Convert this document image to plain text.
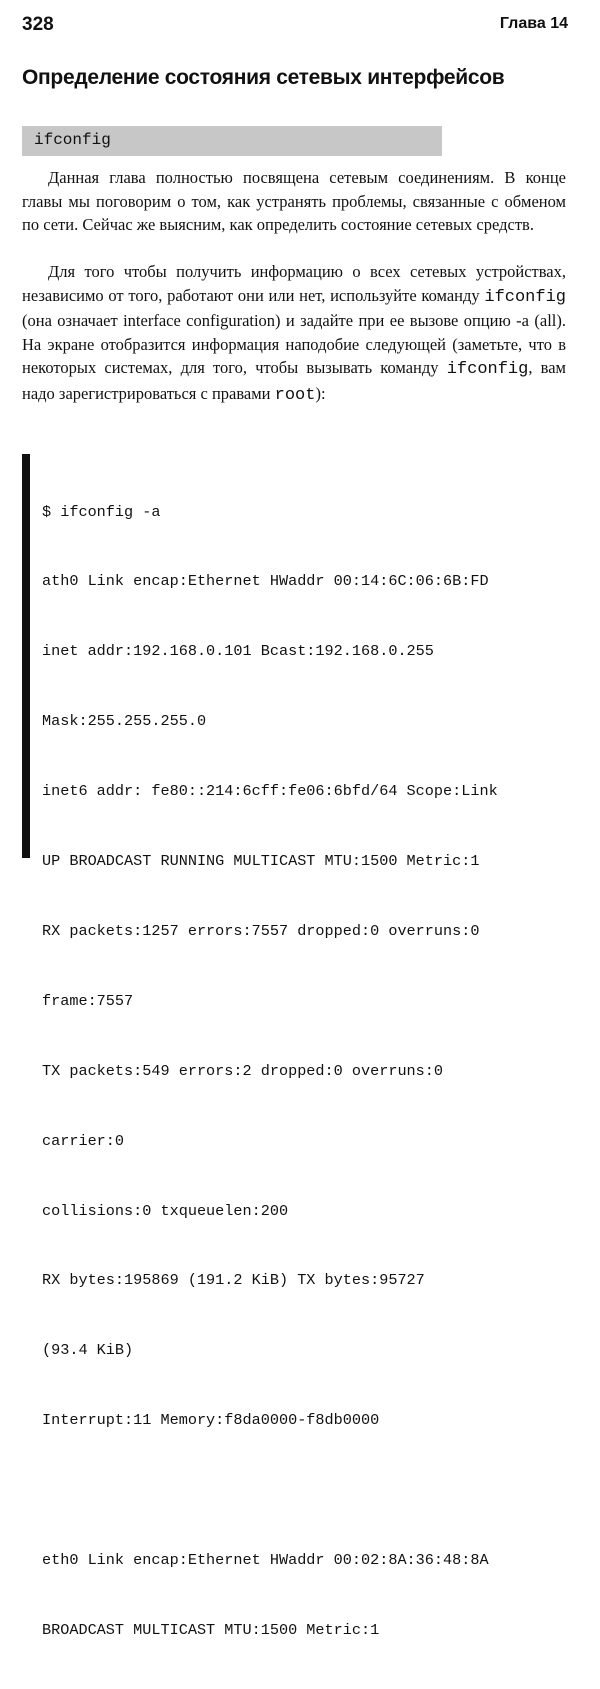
328	Глава 14
Определение состояния сетевых интерфейсов
ifconfig

Данная глава полностью посвящена сетевым соединениям. В конце главы мы поговорим о том, как устранять проблемы, связанные с обменом по сети. Сейчас же выясним, как определить состояние сетевых средств.

Для того чтобы получить информацию о всех сетевых устройствах, независимо от того, работают они или нет, используйте команду ifconfig (она означает interface configuration) и задайте при ее вызове опцию -a (all). На экране отобразится информация наподобие следующей (заметьте, что в некоторых системах, для того, чтобы вызывать команду ifconfig, вам надо зарегистрироваться с правами root):

$ ifconfig -a

ath0 Link encap:Ethernet HWaddr 00:14:6C:06:6B:FD

inet addr:192.168.0.101 Bcast:192.168.0.255

Mask:255.255.255.0

inet6 addr: fe80::214:6cff:fe06:6bfd/64 Scope:Link

UP BROADCAST RUNNING MULTICAST MTU:1500 Metric:1

RX packets:1257 errors:7557 dropped:0 overruns:0

frame:7557

TX packets:549 errors:2 dropped:0 overruns:0

carrier:0

collisions:0 txqueuelen:200

RX bytes:195869 (191.2 KiB) TX bytes:95727

(93.4 KiB)

Interrupt:11 Memory:f8da0000-f8db0000

eth0 Link encap:Ethernet HWaddr 00:02:8A:36:48:8A

BROADCAST MULTICAST MTU:1500 Metric:1
